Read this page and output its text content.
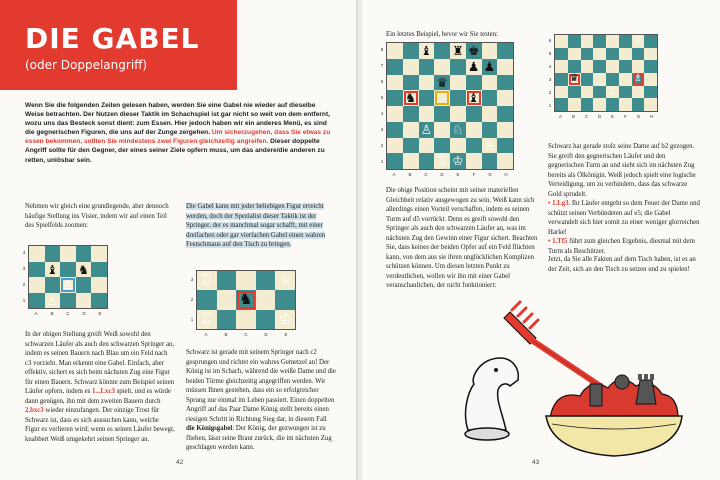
DIE GABEL
(oder Doppelangriff)
Wenn Sie die folgenden Zeilen gelesen haben, werden Sie eine Gabel nie wieder auf dieselbe Weise betrachten. Der Nutzen dieser Taktik im Schachspiel ist gar nicht so weit von dem entfernt, wozu uns das Besteck sonst dient: zum Essen. Hier jedoch haben wir ein anderes Menü, es sind die gegnerischen Figuren, die uns auf der Zunge zergehen. Um sicherzugehen, dass Sie etwas zu essen bekommen, sollten Sie mindestens zwei Figuren gleichzeitig angreifen. Dieser doppelte Angriff sollte für den Gegner, der eines seiner Ziele opfern muss, um das andere/die anderen zu retten, unlösbar sein.
Nehmen wir gleich eine grundlegende, aber dennoch häufige Stellung ins Visier, indem wir auf einen Teil des Spielfelds zoomen:
Die Gabel kann mit jeder beliebigen Figur erreicht werden, doch der Spezialist dieser Taktik ist der Springer, der es manchmal sogar schafft, mit einer dreifachen oder gar vierfachen Gabel einen wahren Festschmaus auf den Tisch zu bringen.
♝ ♞
♙
♙
A	B	C	D	E
4
3
2
1
♖	♕
♞
♖	♔
A	B	C	D	E
3
2
1
In der obigen Stellung greift Weiß sowohl den schwarzen Läufer als auch den schwarzen Springer an, indem es seinen Bauern nach Blau um ein Feld nach c3 vorzieht. Man erkennt eine Gabel. Einfach, aber effektiv, sichert es sich beim nächsten Zug eine Figur für einen Bauern. Schwarz könnte zum Beispiel seinen Läufer opfern, indem es 1...Lxc3 spielt, und es würde dann genügen, ihn mit dem zweiten Bauern durch 2.bxc3 wieder einzufangen. Der einzige Trost für Schwarz ist, dass es sich aussuchen kann, welche Figur es verlieren wird; wenn es seinen Läufer bewegt, knabbert Weiß umgekehrt seinen Springer an.
Schwarz ist gerade mit seinem Springer nach c2 gesprungen und richtet ein wahres Gemetzel an! Der König ist im Schach, während die weiße Dame und die beiden Türme gleichzeitig angegriffen werden. Wir müssen Ihnen gestehen, dass ein so erfolgreicher Sprung nur einmal im Leben passiert. Einen doppelten Angriff auf das Paar Dame König stellt bereits einen riesigen Schritt in Richtung Sieg dar, in diesem Fall die Königsgabel: Der König, der gezwungen ist zu fliehen, lässt seine Braut zurück, die im nächsten Zug geschlagen werden kann.
42
Ein letztes Beispiel, bevor wir Sie testen:
♝ ♜ ♚
♟
♟
♛
♞	♝
♙ ♘
♙
♖ ♔
A	B	C	D	E	F	G	H
8
7
6
5
4
3
2
1
Die obige Position scheint mit seiner materiellen Gleichheit relativ ausgewogen zu sein. Weiß kann sich allerdings einen Vorteil verschaffen, indem es seinen Turm auf d5 vorrückt. Denn es greift sowohl den Springer als auch den schwarzen Läufer an, was im nächsten Zug den Gewinn einer Figur sichert. Beachten Sie, dass keines der beiden Opfer auf ein Feld flüchten kann, von dem aus sie ihren unglücklichen Komplizen schützen können. Um diesen letzten Punkt zu verdeutlichen, wollen wir ihn mit einer Gabel veranschaulichen, der nicht funktioniert:
♛	♗
♖
♖
A	B	C	D	E	F	G	H
6
5
4
3
2
1
Schwarz hat gerade stolz seine Dame auf b2 gezogen. Sie greift den gegnerischen Läufer und den gegnerischen Turm an und sieht sich im nächsten Zug bereits als Ölkönigin. Weiß jedoch spielt eine logische Verteidigung, um zu verhindern, dass das schwarze Gold sprudelt.
• 1.Lg3. Ihr Läufer entgeht so dem Feuer der Dame und schützt seinen Verbündeten auf e5; die Gabel verwandelt sich hier somit zu einer weniger glorreichen Harke!
• 1.Tf5 führt zum gleichen Ergebnis, diesmal mit dem Turm als Beschützer.
Jetzt, da Sie alle Fakten auf dem Tisch haben, ist es an der Zeit, sich an den Tisch zu setzen und zu spielen!
43
